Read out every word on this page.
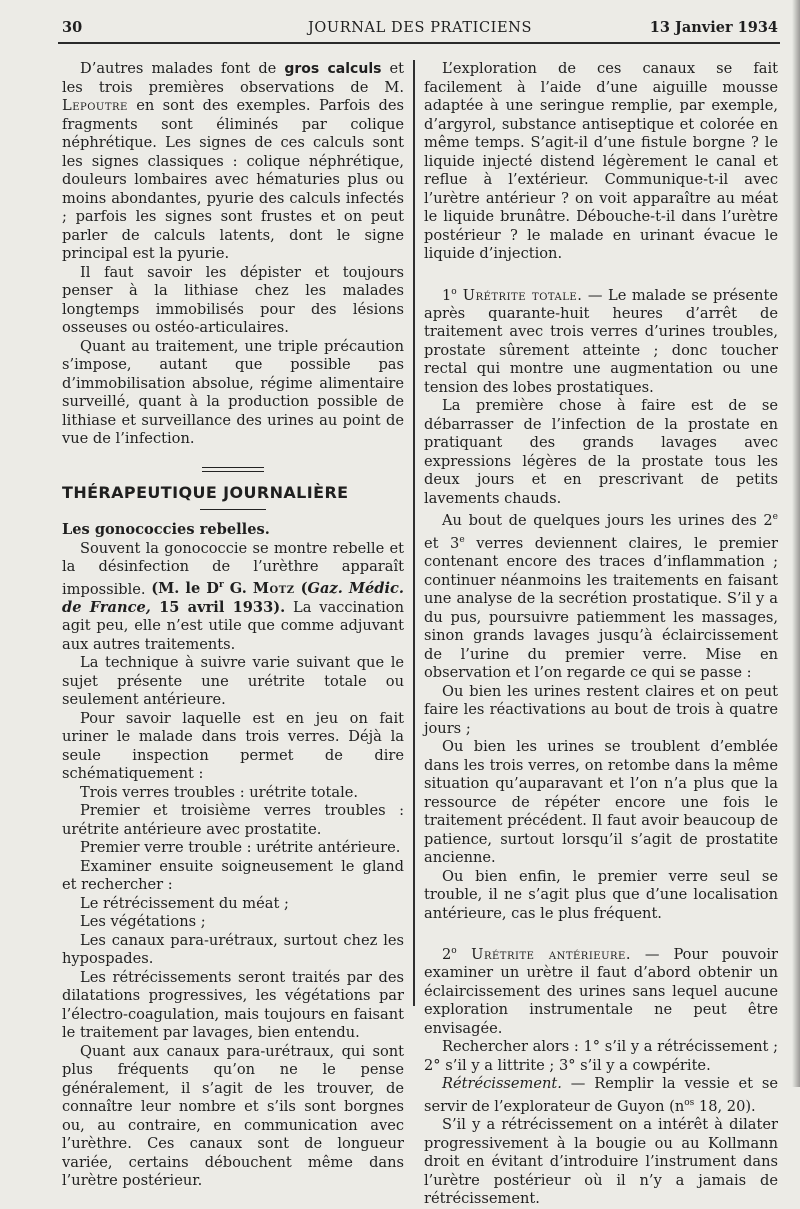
30	JOURNAL DES PRATICIENS	13 Janvier 1934

D’autres malades font de gros calculs et les trois premières observations de M. Lepoutre en sont des exemples. Parfois des fragments sont éliminés par colique néphrétique. Les signes de ces calculs sont les signes classiques : colique néphrétique, douleurs lombaires avec hématuries plus ou moins abondantes, pyurie des calculs infectés ; parfois les signes sont frustes et on peut parler de calculs latents, dont le signe principal est la pyurie.

Il faut savoir les dépister et toujours penser à la lithiase chez les malades longtemps immobilisés pour des lésions osseuses ou ostéo-articulaires.

Quant au traitement, une triple précaution s’impose, autant que possible pas d’immobilisation absolue, régime alimentaire surveillé, quant à la production possible de lithiase et surveillance des urines au point de vue de l’infection.

THÉRAPEUTIQUE JOURNALIÈRE

Les gonococcies rebelles.

Souvent la gonococcie se montre rebelle et la désinfection de l’urèthre apparaît impossible. (M. le $D^r$ G. Motz (Gaz. Médic. de France, 15 avril 1933). La vaccination agit peu, elle n’est utile que comme adjuvant aux autres traitements.

La technique à suivre varie suivant que le sujet présente une urétrite totale ou seulement antérieure.

Pour savoir laquelle est en jeu on fait uriner le malade dans trois verres. Déjà la seule inspection permet de dire schématiquement :

Trois verres troubles : urétrite totale.

Premier et troisième verres troubles : urétrite antérieure avec prostatite.

Premier verre trouble : urétrite antérieure.

Examiner ensuite soigneusement le gland et rechercher :

Le rétrécissement du méat ;

Les végétations ;

Les canaux para-urétraux, surtout chez les hypospades.

Les rétrécissements seront traités par des dilatations progressives, les végétations par l’électro-coagulation, mais toujours en faisant le traitement par lavages, bien entendu.

Quant aux canaux para-urétraux, qui sont plus fréquents qu’on ne le pense généralement, il s’agit de les trouver, de connaître leur nombre et s’ils sont borgnes ou, au contraire, en communication avec l’urèthre. Ces canaux sont de longueur variée, certains débouchent même dans l’urètre postérieur.

L’exploration de ces canaux se fait facilement à l’aide d’une aiguille mousse adaptée à une seringue remplie, par exemple, d’argyrol, substance antiseptique et colorée en même temps. S’agit-il d’une fistule borgne ? le liquide injecté distend légèrement le canal et reflue à l’extérieur. Communique-t-il avec l’urètre antérieur ? on voit apparaître au méat le liquide brunâtre. Débouche-t-il dans l’urètre postérieur ? le malade en urinant évacue le liquide d’injection.

1$^o$ Urétrite totale. — Le malade se présente après quarante-huit heures d’arrêt de traitement avec trois verres d’urines troubles, prostate sûrement atteinte ; donc toucher rectal qui montre une augmentation ou une tension des lobes prostatiques.

La première chose à faire est de se débarrasser de l’infection de la prostate en pratiquant des grands lavages avec expressions légères de la prostate tous les deux jours et en prescrivant de petits lavements chauds.

Au bout de quelques jours les urines des 2e et 3e verres deviennent claires, le premier contenant encore des traces d’inflammation ; continuer néanmoins les traitements en faisant une analyse de la secrétion prostatique. S’il y a du pus, poursuivre patiemment les massages, sinon grands lavages jusqu’à éclaircissement de l’urine du premier verre. Mise en observation et l’on regarde ce qui se passe :

Ou bien les urines restent claires et on peut faire les réactivations au bout de trois à quatre jours ;

Ou bien les urines se troublent d’emblée dans les trois verres, on retombe dans la même situation qu’auparavant et l’on n’a plus que la ressource de répéter encore une fois le traitement précédent. Il faut avoir beaucoup de patience, surtout lorsqu’il s’agit de prostatite ancienne.

Ou bien enfin, le premier verre seul se trouble, il ne s’agit plus que d’une localisation antérieure, cas le plus fréquent.

2$^o$ Urétrite antérieure. — Pour pouvoir examiner un urètre il faut d’abord obtenir un éclaircissement des urines sans lequel aucune exploration instrumentale ne peut être envisagée.

Rechercher alors : 1° s’il y a rétrécissement ; 2° s’il y a littrite ; 3° s’il y a cowpérite.

Rétrécissement. — Remplir la vessie et se servir de l’explorateur de Guyon ($n^{os}$ 18, 20).

S’il y a rétrécissement on a intérêt à dilater progressivement à la bougie ou au Kollmann droit en évitant d’introduire l’instrument dans l’urètre postérieur où il n’y a jamais de rétrécissement.
